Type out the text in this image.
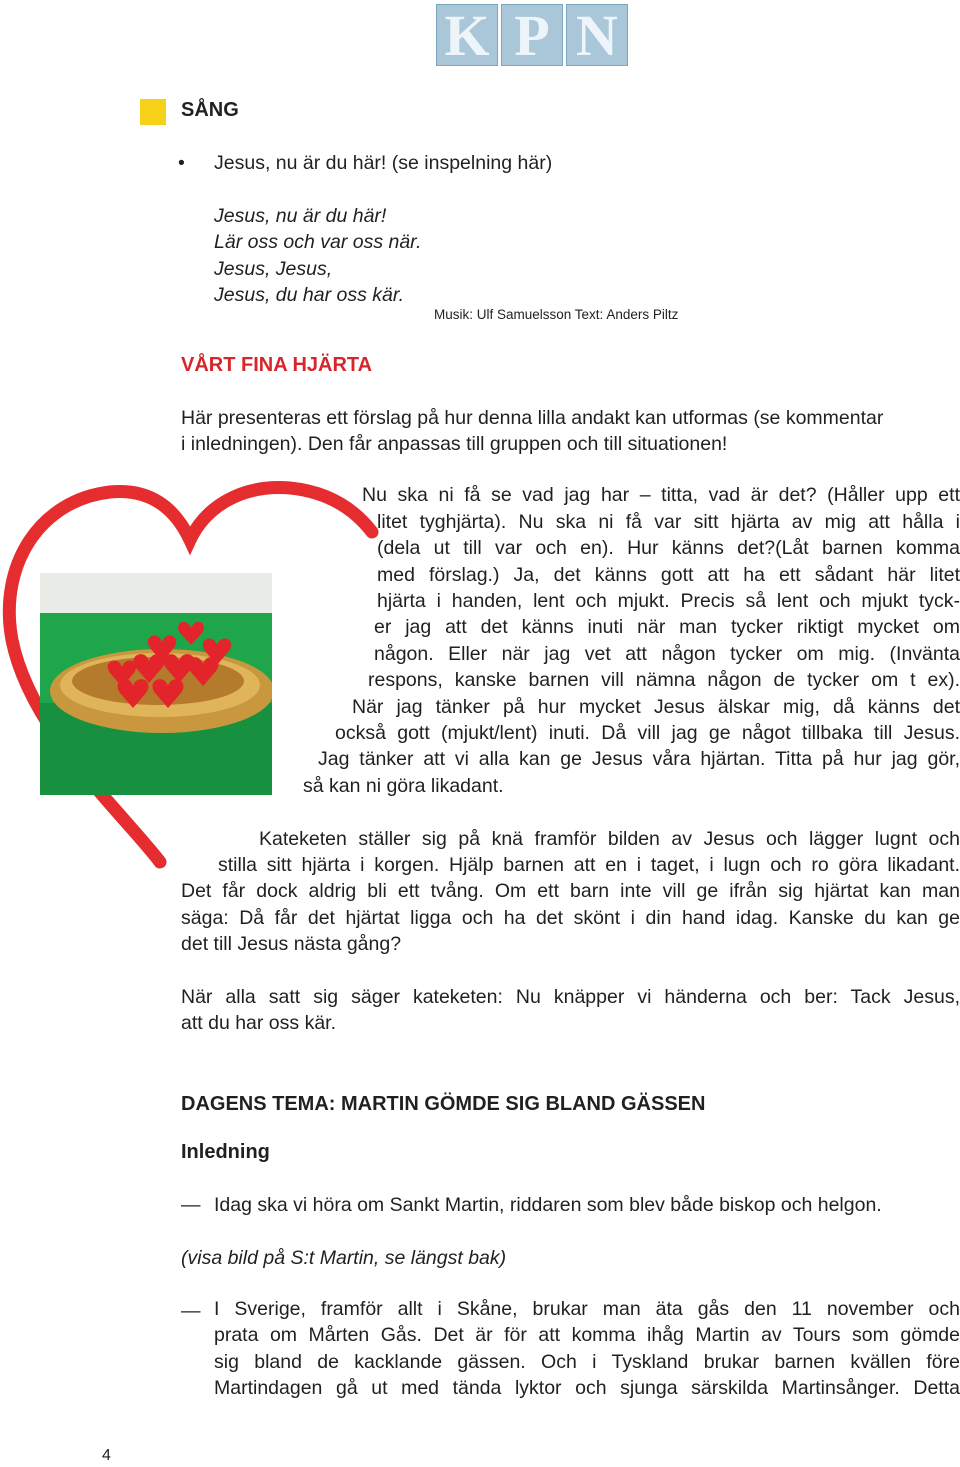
K P N
SÅNG
• Jesus, nu är du här! (se inspelning här)
Jesus, nu är du här!
Lär oss och var oss när.
Jesus, Jesus,
Jesus, du har oss kär.
Musik: Ulf Samuelsson Text: Anders Piltz
VÅRT FINA HJÄRTA
Här presenteras ett förslag på hur denna lilla andakt kan utformas (se kommentar
i inledningen). Den får anpassas till gruppen och till situationen!
Nu ska ni få se vad jag har – titta, vad är det? (Håller upp ett
litet tyghjärta). Nu ska ni få var sitt hjärta av mig att hålla i
(dela ut till var och en). Hur känns det?(Låt barnen komma
med förslag.) Ja, det känns gott att ha ett sådant här litet
hjärta i handen, lent och mjukt. Precis så lent och mjukt tyck-
er jag att det känns inuti när man tycker riktigt mycket om
någon. Eller när jag vet att någon tycker om mig. (Invänta
respons, kanske barnen vill nämna någon de tycker om t ex).
När jag tänker på hur mycket Jesus älskar mig, då känns det
också gott (mjukt/lent) inuti. Då vill jag ge något tillbaka till Jesus.
Jag tänker att vi alla kan ge Jesus våra hjärtan. Titta på hur jag gör,
så kan ni göra likadant.
Kateketen ställer sig på knä framför bilden av Jesus och lägger lugnt och
stilla sitt hjärta i korgen. Hjälp barnen att en i taget, i lugn och ro göra likadant.
Det får dock aldrig bli ett tvång. Om ett barn inte vill ge ifrån sig hjärtat kan man
säga: Då får det hjärtat ligga och ha det skönt i din hand idag. Kanske du kan ge
det till Jesus nästa gång?
När alla satt sig säger kateketen: Nu knäpper vi händerna och ber: Tack Jesus,
att du har oss kär.
DAGENS TEMA: MARTIN GÖMDE SIG BLAND GÄSSEN
Inledning
— Idag ska vi höra om Sankt Martin, riddaren som blev både biskop och helgon.
(visa bild på S:t Martin, se längst bak)
— I Sverige, framför allt i Skåne, brukar man äta gås den 11 november och
prata om Mårten Gås. Det är för att komma ihåg Martin av Tours som gömde
sig bland de kacklande gässen. Och i Tyskland brukar barnen kvällen före
Martindagen gå ut med tända lyktor och sjunga särskilda Martinsånger. Detta
4
